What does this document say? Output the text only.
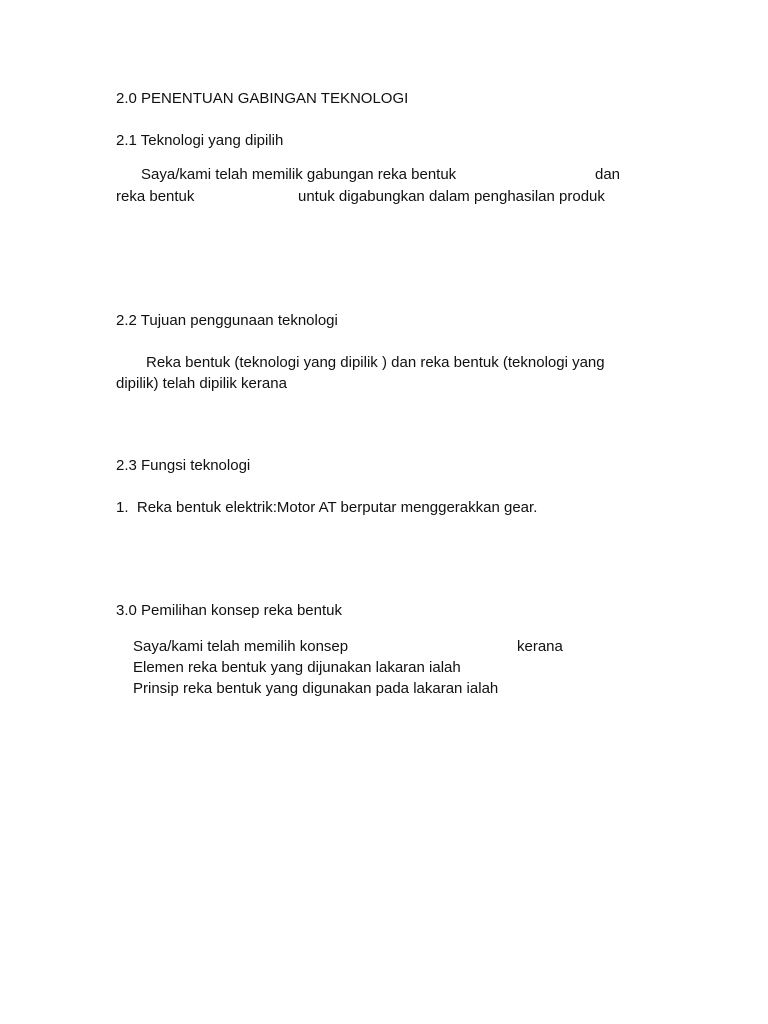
2.0 PENENTUAN GABINGAN TEKNOLOGI
2.1 Teknologi yang dipilih
Saya/kami telah memilik gabungan reka bentuk	dan
reka bentuk	untuk digabungkan dalam penghasilan produk
2.2 Tujuan penggunaan teknologi
Reka bentuk (teknologi yang dipilik ) dan reka bentuk (teknologi yang
dipilik) telah dipilik kerana
2.3 Fungsi teknologi
1. Reka bentuk elektrik:Motor AT berputar menggerakkan gear.
3.0 Pemilihan konsep reka bentuk
Saya/kami telah memilih konsep	kerana
Elemen reka bentuk yang dijunakan lakaran ialah
Prinsip reka bentuk yang digunakan pada lakaran ialah
